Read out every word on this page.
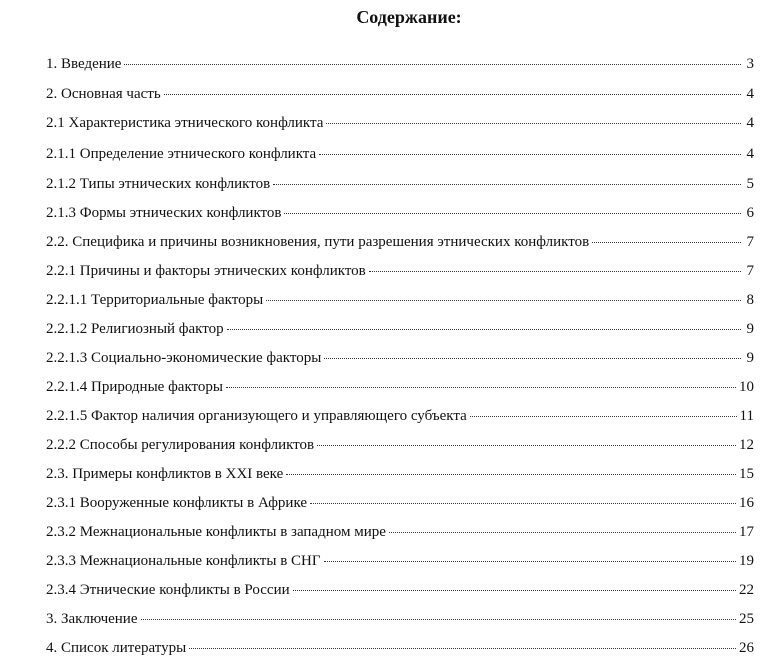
Содержание:
1. Введение	3
2. Основная часть	4
2.1 Характеристика этнического конфликта	4
2.1.1 Определение этнического конфликта	4
2.1.2 Типы этнических конфликтов	5
2.1.3 Формы этнических конфликтов	6
2.2. Специфика и причины возникновения, пути разрешения этнических конфликтов	7
2.2.1 Причины и факторы этнических конфликтов	7
2.2.1.1 Территориальные факторы	8
2.2.1.2 Религиозный фактор	9
2.2.1.3 Социально-экономические факторы	9
2.2.1.4 Природные факторы	10
2.2.1.5 Фактор наличия организующего и управляющего субъекта	11
2.2.2 Способы регулирования конфликтов	12
2.3. Примеры конфликтов в XXI веке	15
2.3.1 Вооруженные конфликты в Африке	16
2.3.2 Межнациональные конфликты в западном мире	17
2.3.3 Межнациональные конфликты в СНГ	19
2.3.4 Этнические конфликты в России	22
3. Заключение	25
4. Список литературы	26
